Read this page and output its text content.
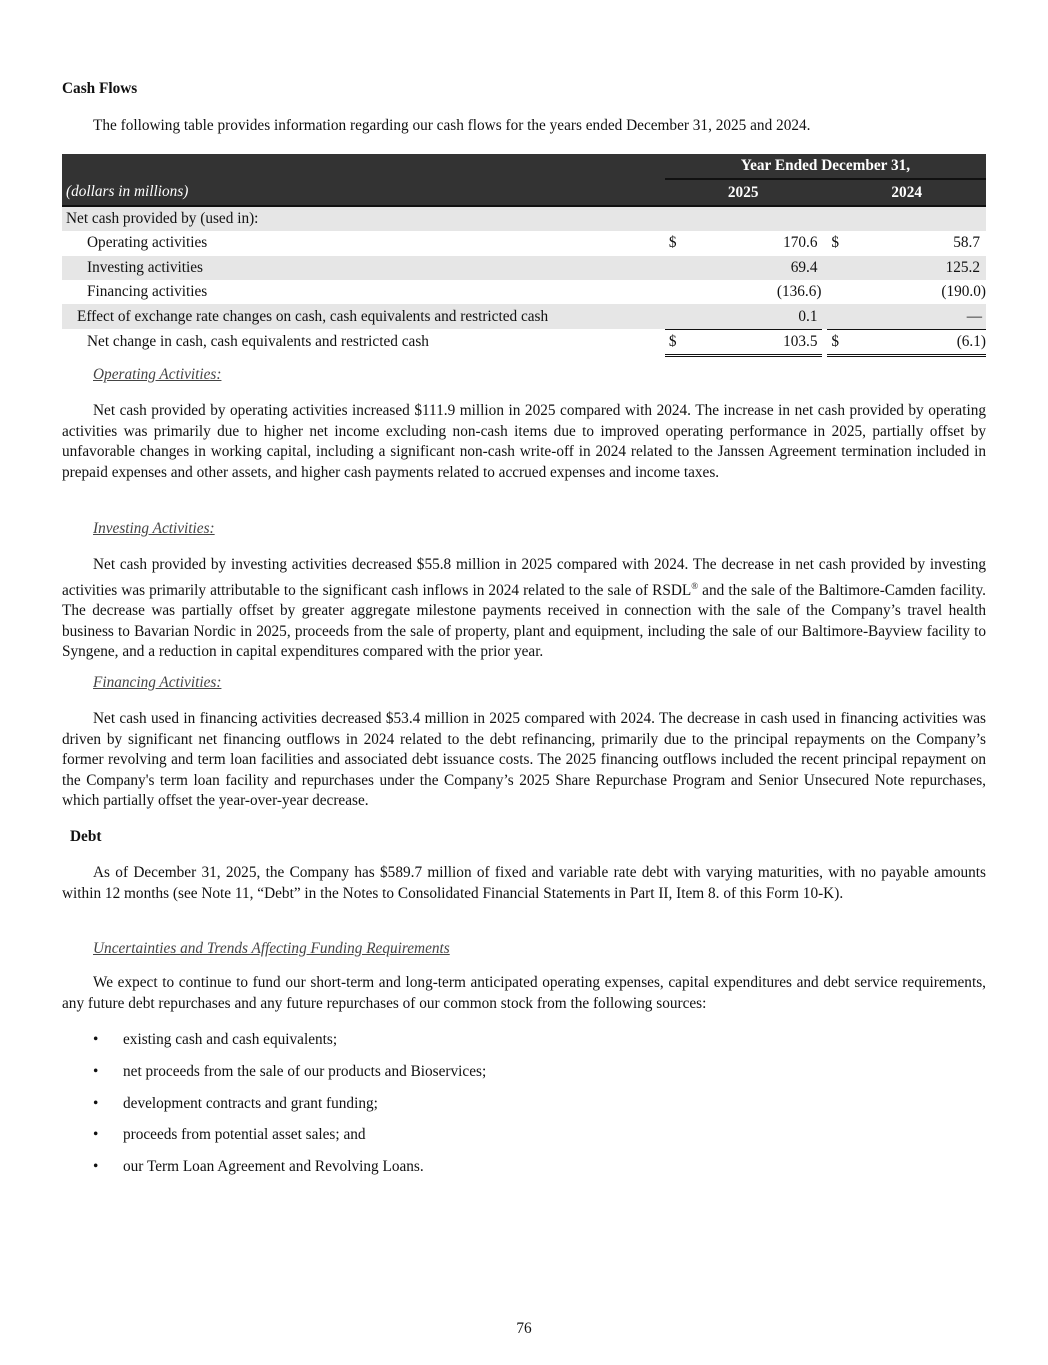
Cash Flows

The following table provides information regarding our cash flows for the years ended December 31, 2025 and 2024.

	Year Ended December 31,				
(dollars in millions)	2025			2024	
Net cash provided by (used in):					
Operating activities	$	170.6		$	58.7
Investing activities		69.4			125.2
Financing activities		(136.6)			(190.0)
Effect of exchange rate changes on cash, cash equivalents and restricted cash		0.1			—
Net change in cash, cash equivalents and restricted cash	$	103.5		$	(6.1)
Operating Activities:

Net cash provided by operating activities increased $111.9 million in 2025 compared with 2024. The increase in net cash provided by operating activities was primarily due to higher net income excluding non-cash items due to improved operating performance in 2025, partially offset by unfavorable changes in working capital, including a significant non-cash write-off in 2024 related to the Janssen Agreement termination included in prepaid expenses and other assets, and higher cash payments related to accrued expenses and income taxes.

Investing Activities:

Net cash provided by investing activities decreased $55.8 million in 2025 compared with 2024. The decrease in net cash provided by investing activities was primarily attributable to the significant cash inflows in 2024 related to the sale of RSDL® and the sale of the Baltimore-Camden facility. The decrease was partially offset by greater aggregate milestone payments received in connection with the sale of the Company’s travel health business to Bavarian Nordic in 2025, proceeds from the sale of property, plant and equipment, including the sale of our Baltimore-Bayview facility to Syngene, and a reduction in capital expenditures compared with the prior year.

Financing Activities:

Net cash used in financing activities decreased $53.4 million in 2025 compared with 2024. The decrease in cash used in financing activities was driven by significant net financing outflows in 2024 related to the debt refinancing, primarily due to the principal repayments on the Company’s former revolving and term loan facilities and associated debt issuance costs. The 2025 financing outflows included the recent principal repayment on the Company's term loan facility and repurchases under the Company’s 2025 Share Repurchase Program and Senior Unsecured Note repurchases, which partially offset the year-over-year decrease.

Debt

As of December 31, 2025, the Company has $589.7 million of fixed and variable rate debt with varying maturities, with no payable amounts within 12 months (see Note 11, “Debt” in the Notes to Consolidated Financial Statements in Part II, Item 8. of this Form 10-K).

Uncertainties and Trends Affecting Funding Requirements

We expect to continue to fund our short-term and long-term anticipated operating expenses, capital expenditures and debt service requirements, any future debt repurchases and any future repurchases of our common stock from the following sources:

• existing cash and cash equivalents;
• net proceeds from the sale of our products and Bioservices;
• development contracts and grant funding;
• proceeds from potential asset sales; and
• our Term Loan Agreement and Revolving Loans.
76
